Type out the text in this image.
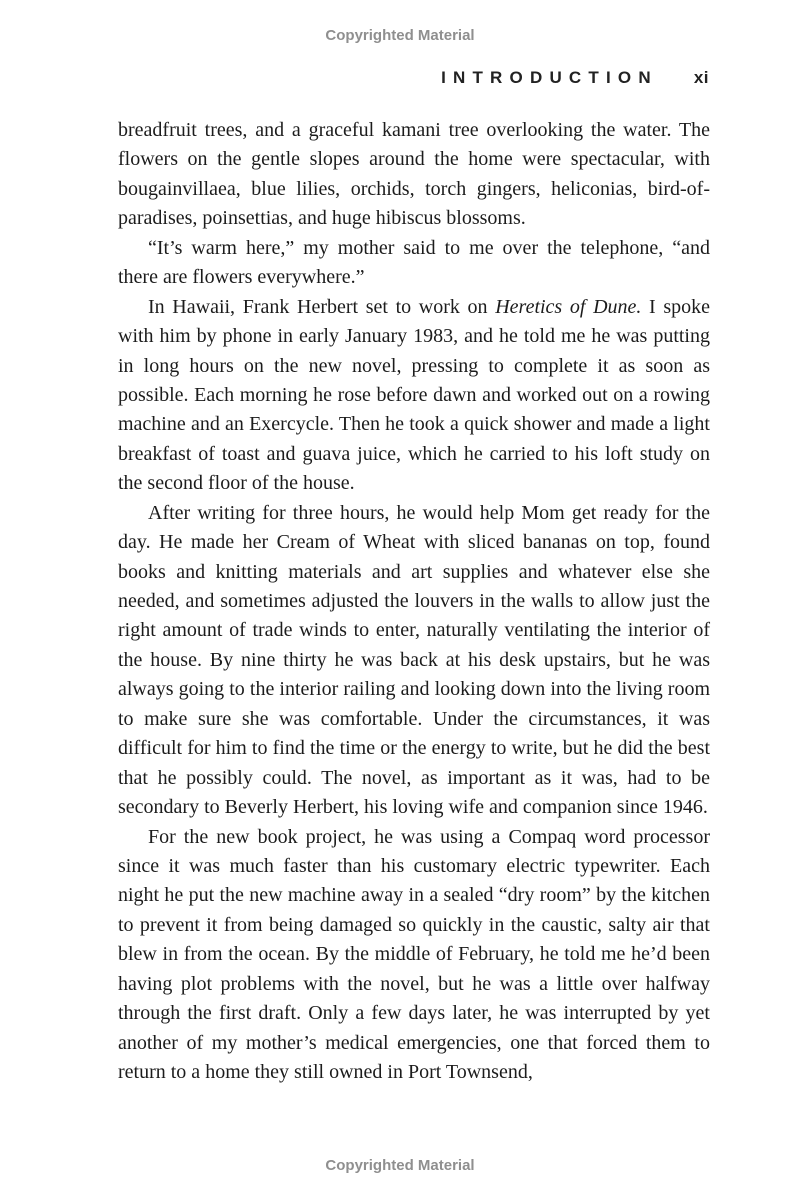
Copyrighted Material
INTRODUCTION xi

breadfruit trees, and a graceful kamani tree overlooking the water. The flowers on the gentle slopes around the home were spectacular, with bougainvillaea, blue lilies, orchids, torch gingers, heliconias, bird-of-paradises, poinsettias, and huge hibiscus blossoms.

“It’s warm here,” my mother said to me over the telephone, “and there are flowers everywhere.”

In Hawaii, Frank Herbert set to work on Heretics of Dune. I spoke with him by phone in early January 1983, and he told me he was putting in long hours on the new novel, pressing to complete it as soon as possible. Each morning he rose before dawn and worked out on a rowing machine and an Exercycle. Then he took a quick shower and made a light breakfast of toast and guava juice, which he carried to his loft study on the second floor of the house.

After writing for three hours, he would help Mom get ready for the day. He made her Cream of Wheat with sliced bananas on top, found books and knitting materials and art supplies and whatever else she needed, and sometimes adjusted the louvers in the walls to allow just the right amount of trade winds to enter, naturally ventilating the interior of the house. By nine thirty he was back at his desk upstairs, but he was always going to the interior railing and looking down into the living room to make sure she was comfortable. Under the circumstances, it was difficult for him to find the time or the energy to write, but he did the best that he possibly could. The novel, as important as it was, had to be secondary to Beverly Herbert, his loving wife and companion since 1946.

For the new book project, he was using a Compaq word processor since it was much faster than his customary electric typewriter. Each night he put the new machine away in a sealed “dry room” by the kitchen to prevent it from being damaged so quickly in the caustic, salty air that blew in from the ocean. By the middle of February, he told me he’d been having plot problems with the novel, but he was a little over halfway through the first draft. Only a few days later, he was interrupted by yet another of my mother’s medical emergencies, one that forced them to return to a home they still owned in Port Townsend,

Copyrighted Material
